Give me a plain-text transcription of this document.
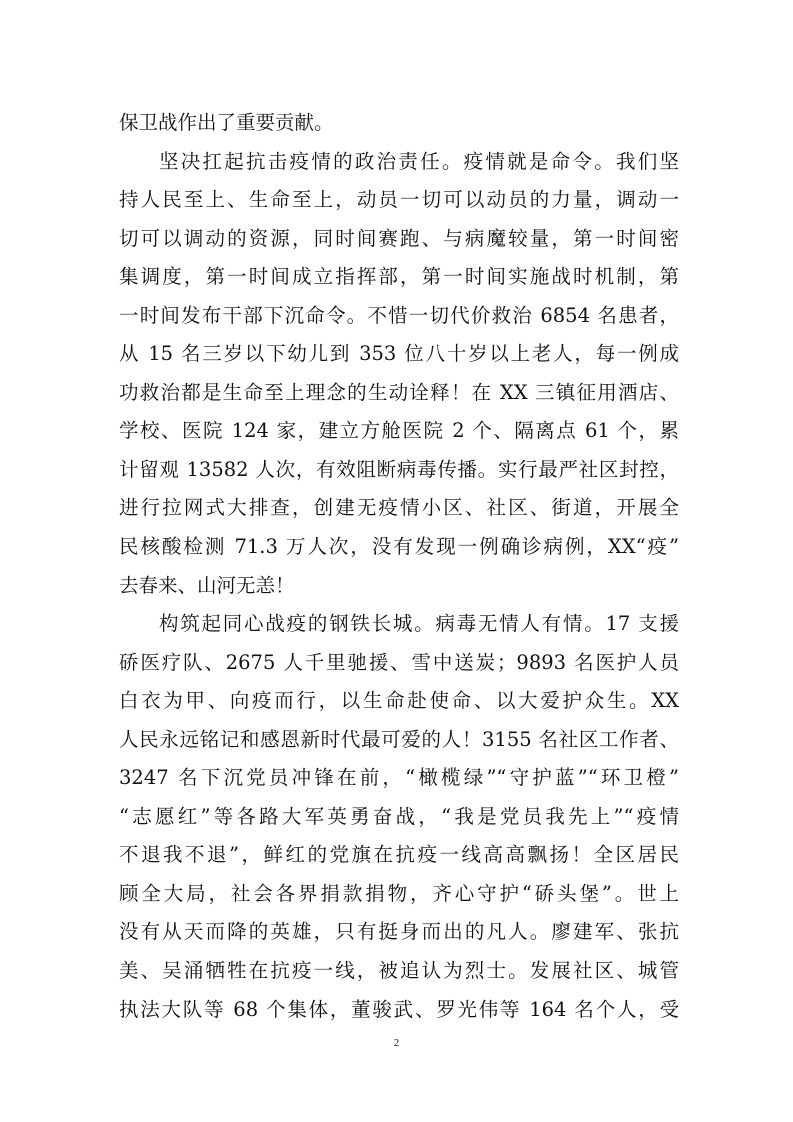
保卫战作出了重要贡献。
坚决扛起抗击疫情的政治责任。疫情就是命令。我们坚
持人民至上、生命至上，动员一切可以动员的力量，调动一
切可以调动的资源，同时间赛跑、与病魔较量，第一时间密
集调度，第一时间成立指挥部，第一时间实施战时机制，第
一时间发布干部下沉命令。不惜一切代价救治 6854 名患者，
从 15 名三岁以下幼儿到 353 位八十岁以上老人，每一例成
功救治都是生命至上理念的生动诠释！在 XX 三镇征用酒店、
学校、医院 124 家，建立方舱医院 2 个、隔离点 61 个，累
计留观 13582 人次，有效阻断病毒传播。实行最严社区封控，
进行拉网式大排查，创建无疫情小区、社区、街道，开展全
民核酸检测 71.3 万人次，没有发现一例确诊病例，XX“疫”
去春来、山河无恙！
构筑起同心战疫的钢铁长城。病毒无情人有情。17 支援
硚医疗队、2675 人千里驰援、雪中送炭；9893 名医护人员
白衣为甲、向疫而行，以生命赴使命、以大爱护众生。XX
人民永远铭记和感恩新时代最可爱的人！3155 名社区工作者、
3247 名下沉党员冲锋在前，“橄榄绿”“守护蓝”“环卫橙”
“志愿红”等各路大军英勇奋战，“我是党员我先上”“疫情
不退我不退”，鲜红的党旗在抗疫一线高高飘扬！全区居民
顾全大局，社会各界捐款捐物，齐心守护“硚头堡”。世上
没有从天而降的英雄，只有挺身而出的凡人。廖建军、张抗
美、吴涌牺牲在抗疫一线，被追认为烈士。发展社区、城管
执法大队等 68 个集体，董骏武、罗光伟等 164 名个人，受
2
